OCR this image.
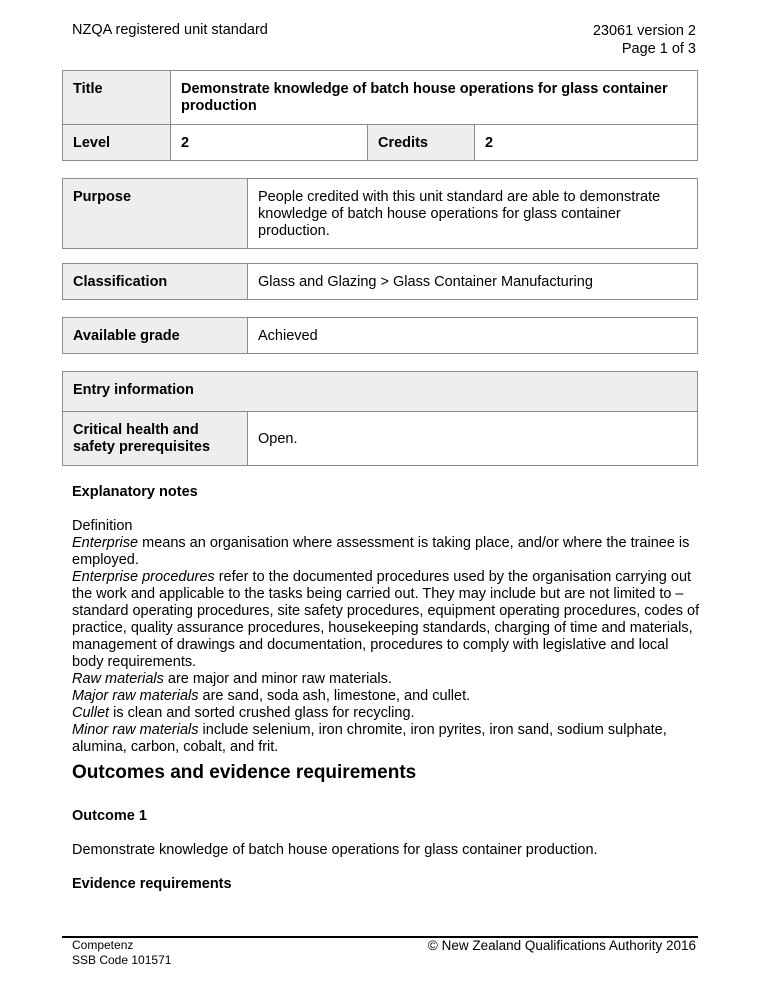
NZQA registered unit standard	23061 version 2
Page 1 of 3
Title	Demonstrate knowledge of batch house operations for glass container production		
Level	2	Credits	2
Purpose	People credited with this unit standard are able to demonstrate knowledge of batch house operations for glass container production.
Classification	Glass and Glazing > Glass Container Manufacturing
Available grade	Achieved
Entry information
Critical health and safety prerequisites	Open.
Explanatory notes

Definition

Enterprise means an organisation where assessment is taking place, and/or where the trainee is employed.

Enterprise procedures refer to the documented procedures used by the organisation carrying out the work and applicable to the tasks being carried out. They may include but are not limited to – standard operating procedures, site safety procedures, equipment operating procedures, codes of practice, quality assurance procedures, housekeeping standards, charging of time and materials, management of drawings and documentation, procedures to comply with legislative and local body requirements.

Raw materials are major and minor raw materials.

Major raw materials are sand, soda ash, limestone, and cullet.

Cullet is clean and sorted crushed glass for recycling.

Minor raw materials include selenium, iron chromite, iron pyrites, iron sand, sodium sulphate, alumina, carbon, cobalt, and frit.

Outcomes and evidence requirements
Outcome 1
Demonstrate knowledge of batch house operations for glass container production.
Evidence requirements
Competenz
SSB Code 101571
© New Zealand Qualifications Authority 2016
